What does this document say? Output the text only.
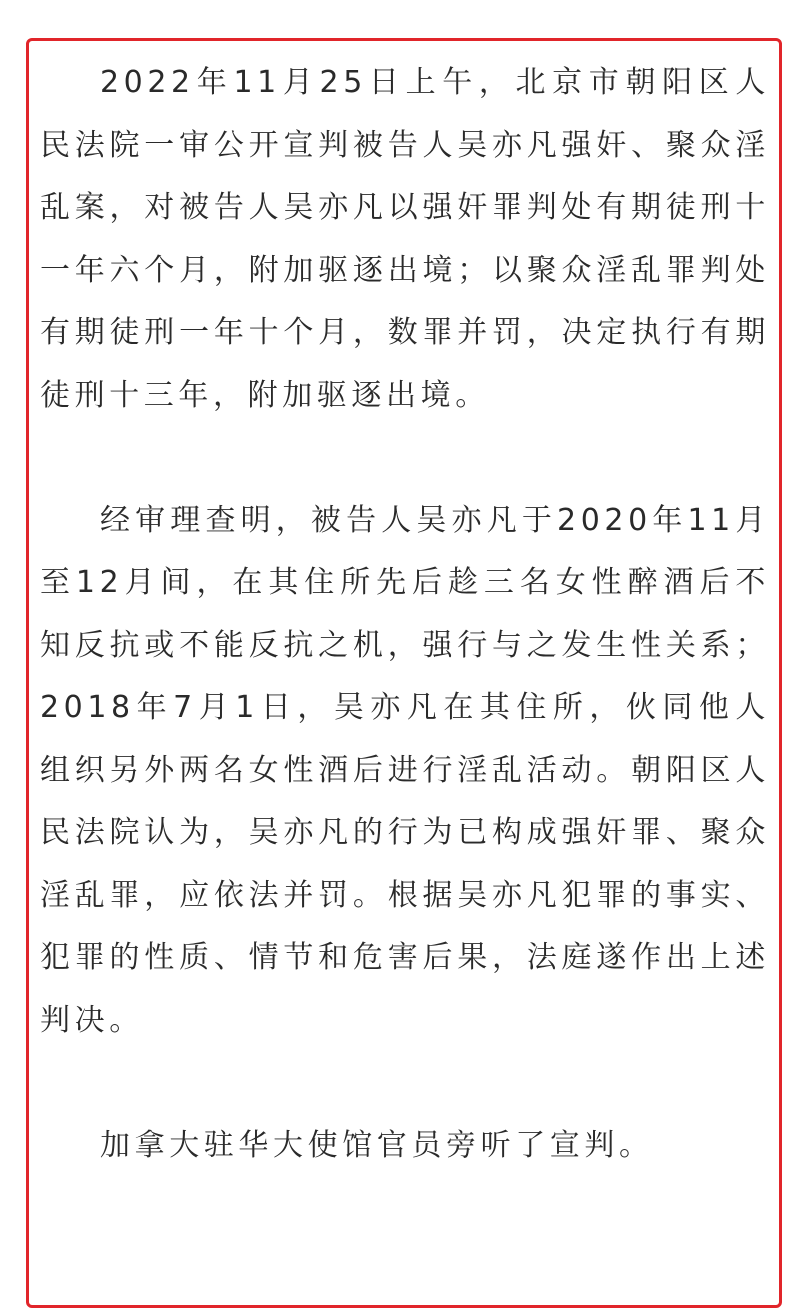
2022年11月25日上午，北京市朝阳区人民法院一审公开宣判被告人吴亦凡强奸、聚众淫乱案，对被告人吴亦凡以强奸罪判处有期徒刑十一年六个月，附加驱逐出境；以聚众淫乱罪判处有期徒刑一年十个月，数罪并罚，决定执行有期徒刑十三年，附加驱逐出境。

经审理查明，被告人吴亦凡于2020年11月至12月间，在其住所先后趁三名女性醉酒后不知反抗或不能反抗之机，强行与之发生性关系；2018年7月1日，吴亦凡在其住所，伙同他人组织另外两名女性酒后进行淫乱活动。朝阳区人民法院认为，吴亦凡的行为已构成强奸罪、聚众淫乱罪，应依法并罚。根据吴亦凡犯罪的事实、犯罪的性质、情节和危害后果，法庭遂作出上述判决。

加拿大驻华大使馆官员旁听了宣判。
